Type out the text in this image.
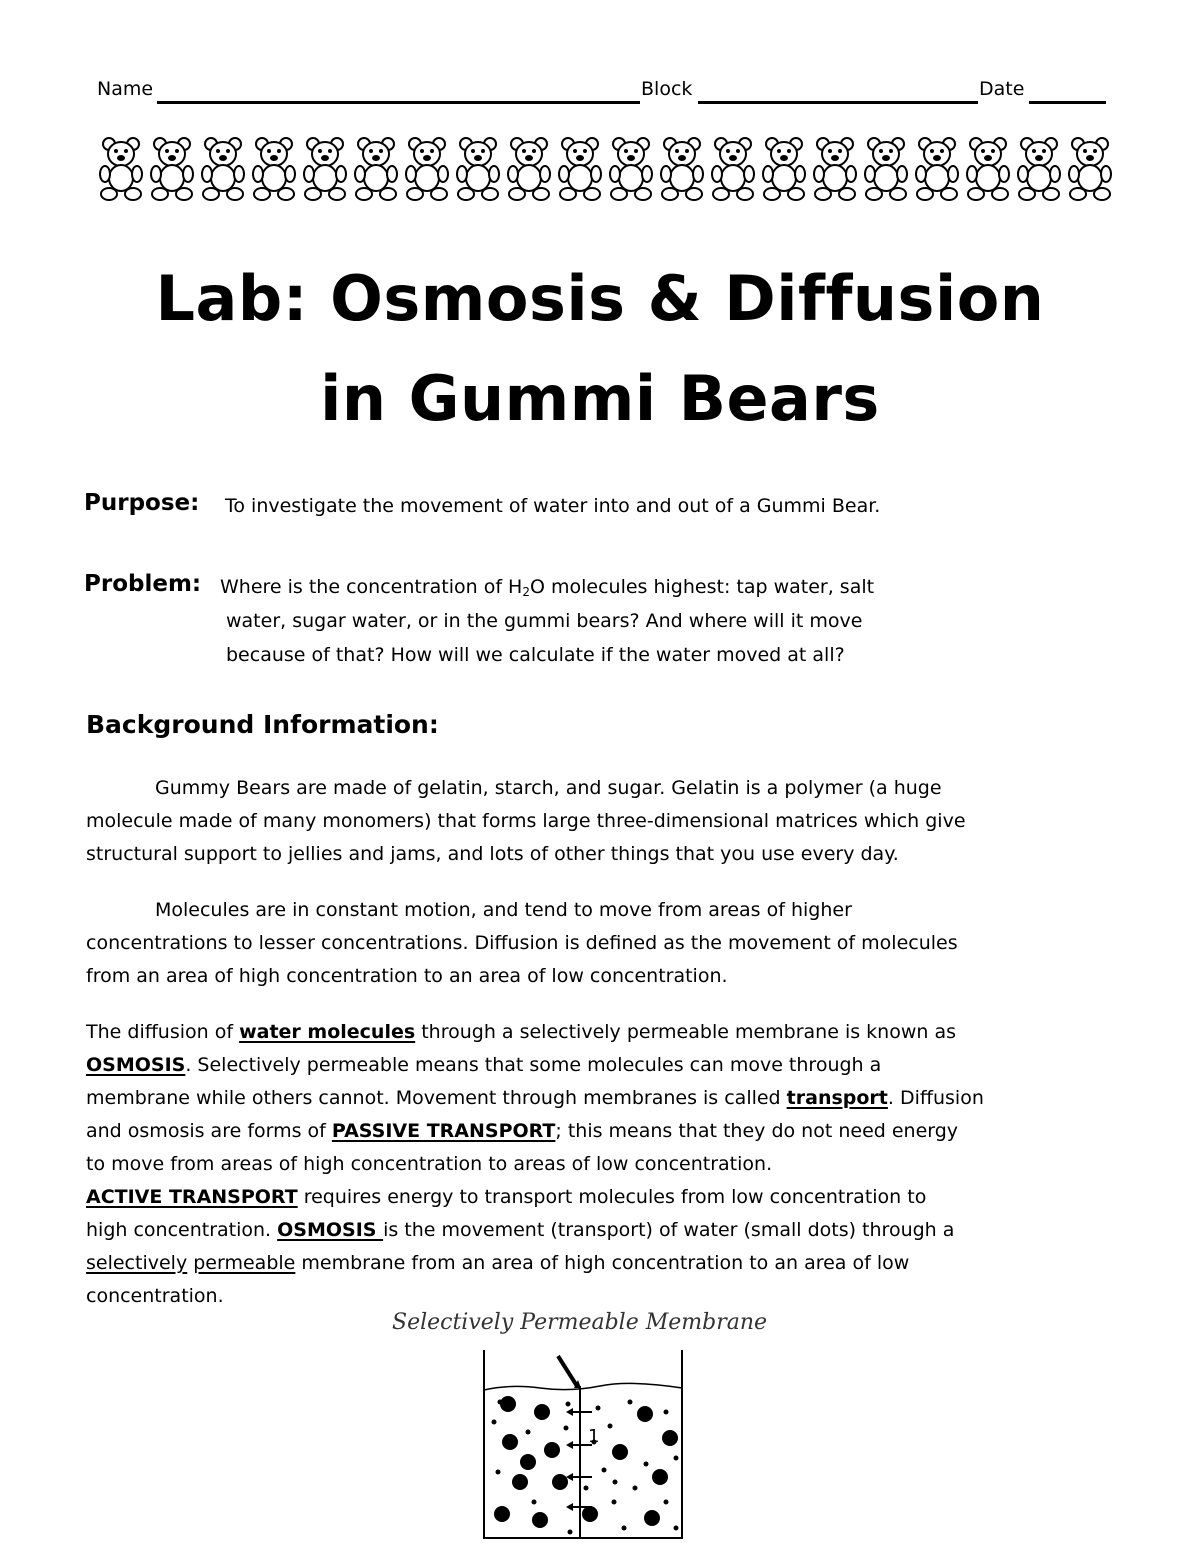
Name	Block	Date
Lab: Osmosis & Diffusion
in Gummi Bears
Purpose: To investigate the movement of water into and out of a Gummi Bear.
Problem: Where is the concentration of $H_2O$ molecules highest: tap water, salt
water, sugar water, or in the gummi bears? And where will it move
because of that? How will we calculate if the water moved at all?
Background Information:
Gummy Bears are made of gelatin, starch, and sugar. Gelatin is a polymer (a huge
molecule made of many monomers) that forms large three-dimensional matrices which give
structural support to jellies and jams, and lots of other things that you use every day.
Molecules are in constant motion, and tend to move from areas of higher
concentrations to lesser concentrations. Diffusion is defined as the movement of molecules
from an area of high concentration to an area of low concentration.
The diffusion of water molecules through a selectively permeable membrane is known as
OSMOSIS. Selectively permeable means that some molecules can move through a
membrane while others cannot. Movement through membranes is called transport. Diffusion
and osmosis are forms of PASSIVE TRANSPORT; this means that they do not need energy
to move from areas of high concentration to areas of low concentration.
ACTIVE TRANSPORT requires energy to transport molecules from low concentration to
high concentration. OSMOSIS is the movement (transport) of water (small dots) through a
selectively permeable membrane from an area of high concentration to an area of low
concentration.
Selectively Permeable Membrane
1
